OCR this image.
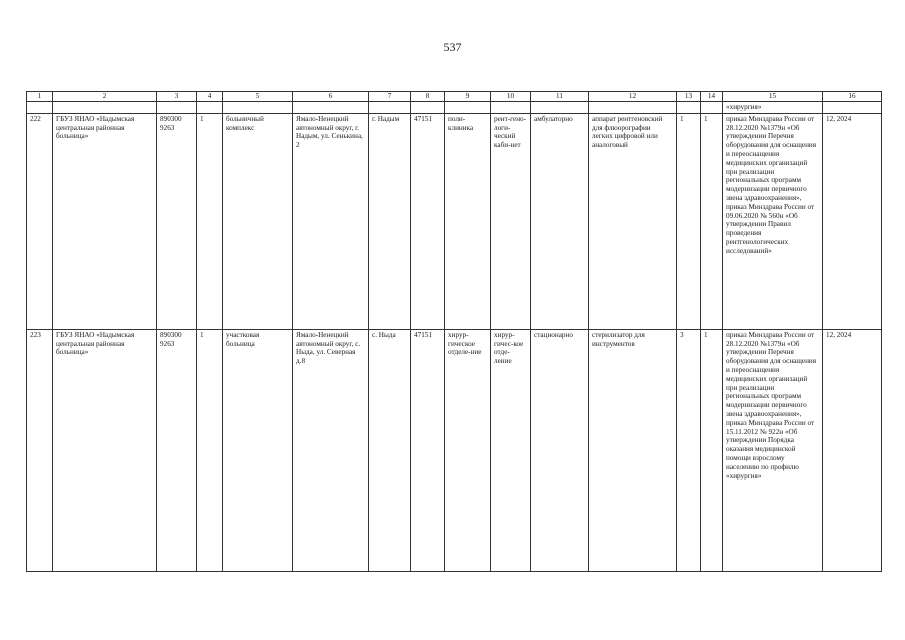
537
1	2	3	4	5	6	7	8	9	10	11	12	13	14	15	16
														«хирургия»	
222	ГБУЗ ЯНАО «Надымская центральная районная больница»	890300 9263	1	больничный комплекс	Ямало-Ненецкий автономный округ, г. Надым, ул. Сенькина, 2	г. Надым	47151	поли-клиника	рент-гено-логи-ческий каби-нет	амбулаторно	аппарат рентгеновский для флюорографии легких цифровой или аналоговый	1	1	приказ Минздрава России от 28.12.2020 №1379н «Об утверждении Перечня оборудования для оснащения и переоснащения медицинских организаций при реализации региональных программ модернизации первичного звена здравоохранения», приказ Минздрава России от 09.06.2020 № 560н «Об утверждении Правил проведения рентгенологических исследований»	12, 2024
223	ГБУЗ ЯНАО «Надымская центральная районная больница»	890300 9263	1	участковая больница	Ямало-Ненецкий автономный округ, с. Ныда, ул. Северная д.8	с. Ныда	47151	хирур-гическое отделе-ние	хирур-гичес-кое отде-ление	стационарно	стерилизатор для инструментов	3	1	приказ Минздрава России от 28.12.2020 №1379н «Об утверждении Перечня оборудования для оснащения и переоснащения медицинских организаций при реализации региональных программ модернизации первичного звена здравоохранения», приказ Минздрава России от 15.11.2012 № 922н «Об утверждении Порядка оказания медицинской помощи взрослому населению по профилю «хирургия»	12, 2024
